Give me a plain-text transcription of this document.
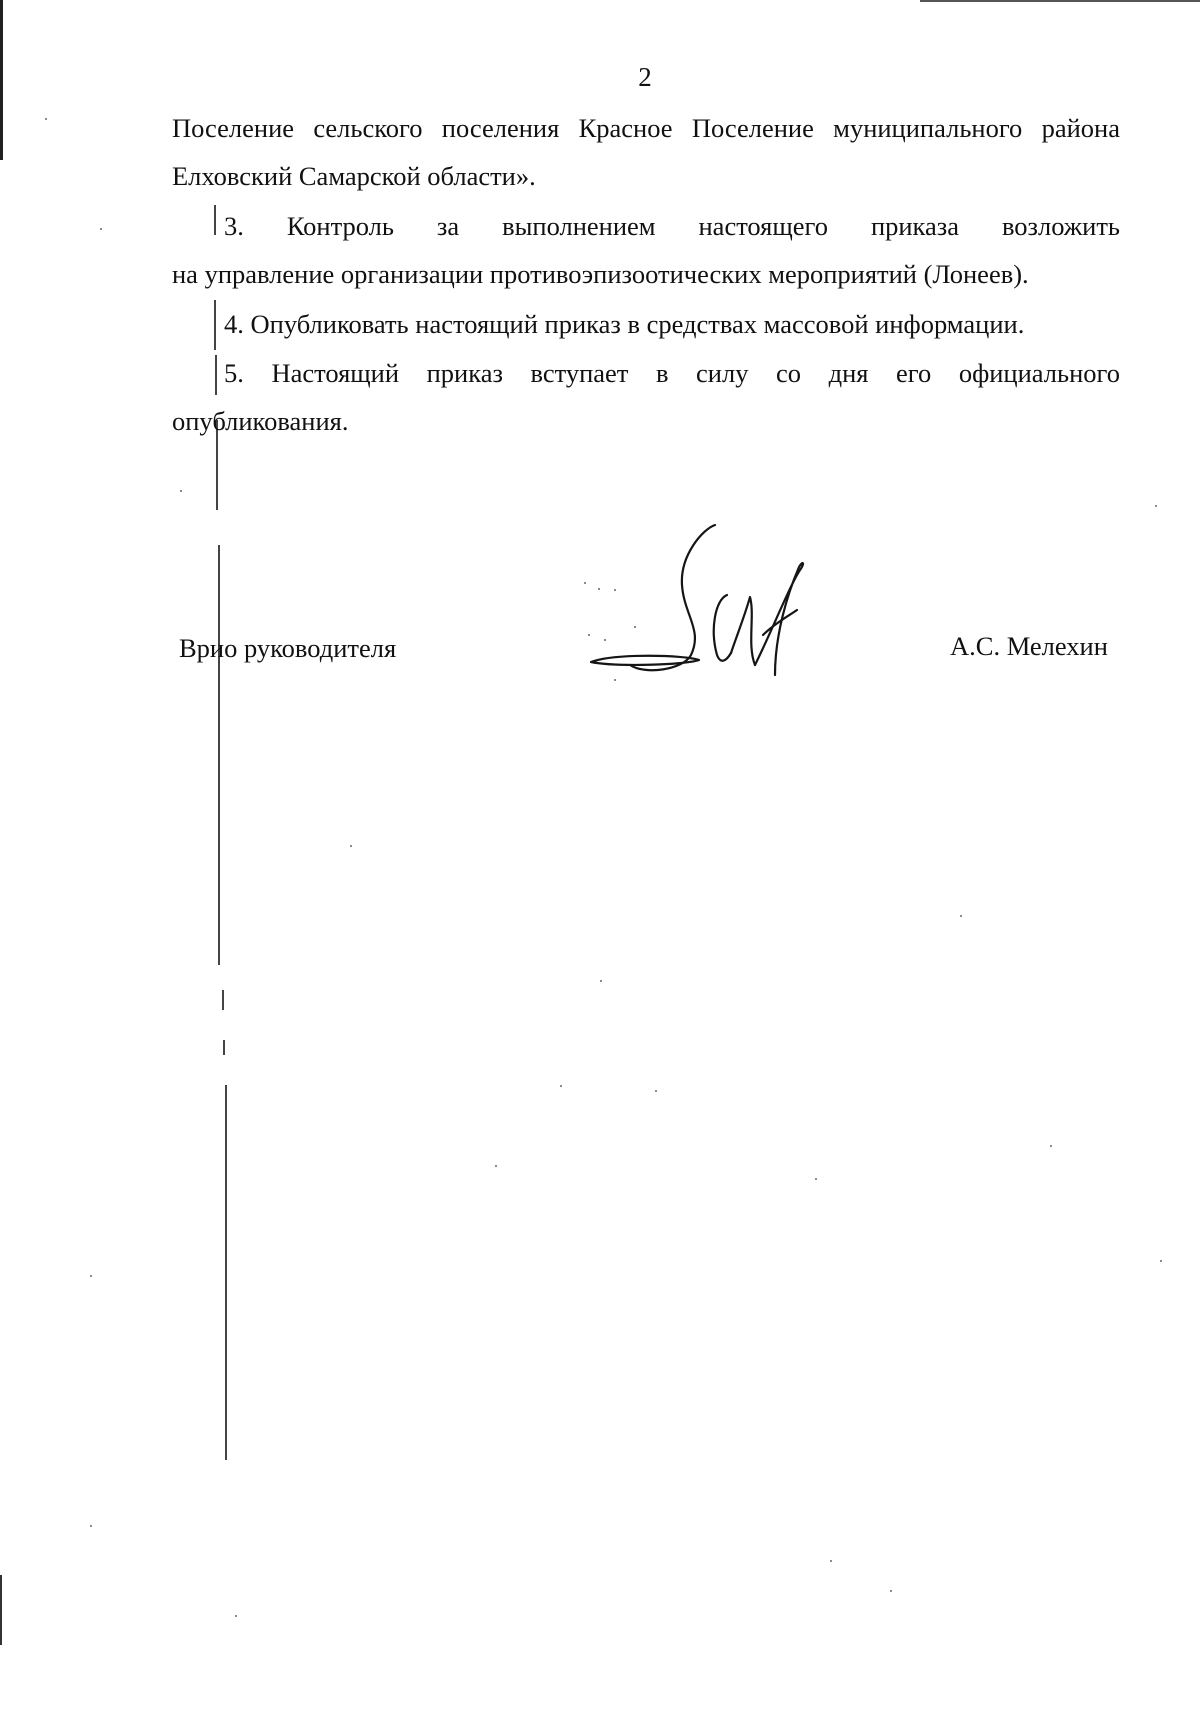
2
Поселение сельского поселения Красное Поселение муниципального района
Елховский Самарской области».
3. Контроль за выполнением настоящего приказа возложить
на управление организации противоэпизоотических мероприятий (Лонеев).
4. Опубликовать настоящий приказ в средствах массовой информации.
5. Настоящий приказ вступает в силу со дня его официального
опубликования.
Врио руководителя	А.С. Мелехин
